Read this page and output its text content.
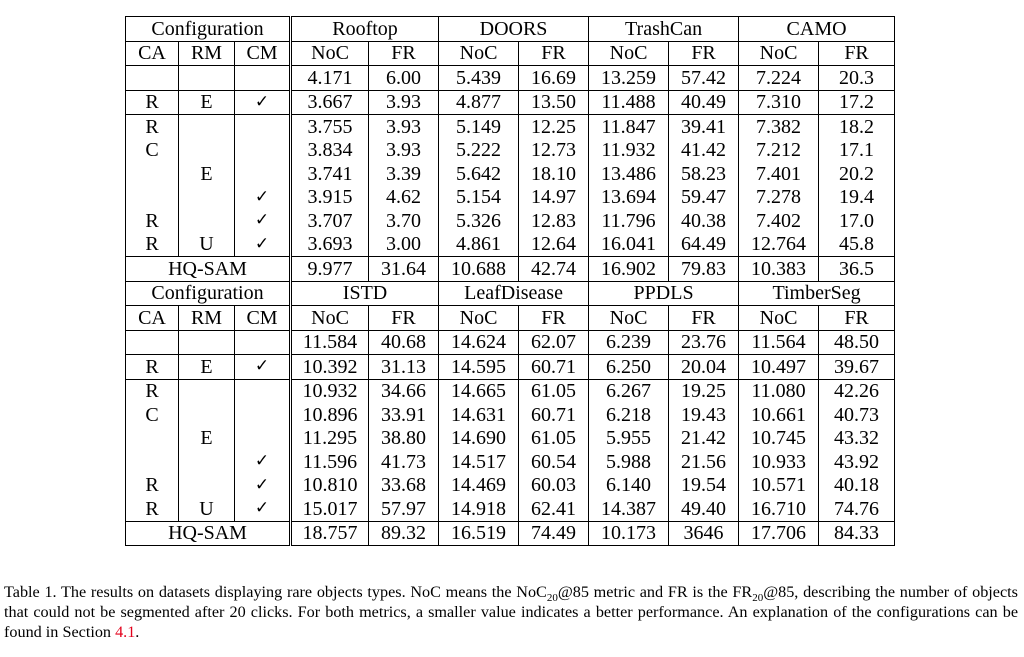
Configuration			Rooftop		DOORS		TrashCan		CAMO	
CA	RM	CM	NoC	FR	NoC	FR	NoC	FR	NoC	FR
			4.171	6.00	5.439	16.69	13.259	57.42	7.224	20.3
R	E	✓	3.667	3.93	4.877	13.50	11.488	40.49	7.310	17.2
R			3.755	3.93	5.149	12.25	11.847	39.41	7.382	18.2
C			3.834	3.93	5.222	12.73	11.932	41.42	7.212	17.1
	E		3.741	3.39	5.642	18.10	13.486	58.23	7.401	20.2
		✓	3.915	4.62	5.154	14.97	13.694	59.47	7.278	19.4
R		✓	3.707	3.70	5.326	12.83	11.796	40.38	7.402	17.0
R	U	✓	3.693	3.00	4.861	12.64	16.041	64.49	12.764	45.8
HQ-SAM			9.977	31.64	10.688	42.74	16.902	79.83	10.383	36.5
Configuration			ISTD		LeafDisease		PPDLS		TimberSeg	
CA	RM	CM	NoC	FR	NoC	FR	NoC	FR	NoC	FR
			11.584	40.68	14.624	62.07	6.239	23.76	11.564	48.50
R	E	✓	10.392	31.13	14.595	60.71	6.250	20.04	10.497	39.67
R			10.932	34.66	14.665	61.05	6.267	19.25	11.080	42.26
C			10.896	33.91	14.631	60.71	6.218	19.43	10.661	40.73
	E		11.295	38.80	14.690	61.05	5.955	21.42	10.745	43.32
		✓	11.596	41.73	14.517	60.54	5.988	21.56	10.933	43.92
R		✓	10.810	33.68	14.469	60.03	6.140	19.54	10.571	40.18
R	U	✓	15.017	57.97	14.918	62.41	14.387	49.40	16.710	74.76
HQ-SAM			18.757	89.32	16.519	74.49	10.173	3646	17.706	84.33

Table 1. The results on datasets displaying rare objects types. NoC means the NoC$_{20}$@85 metric and FR is the $FR_{20}@85$, describing the number of objects that could not be segmented after 20 clicks. For both metrics, a smaller value indicates a better performance. An explanation of the configurations can be found in Section 4.1.
